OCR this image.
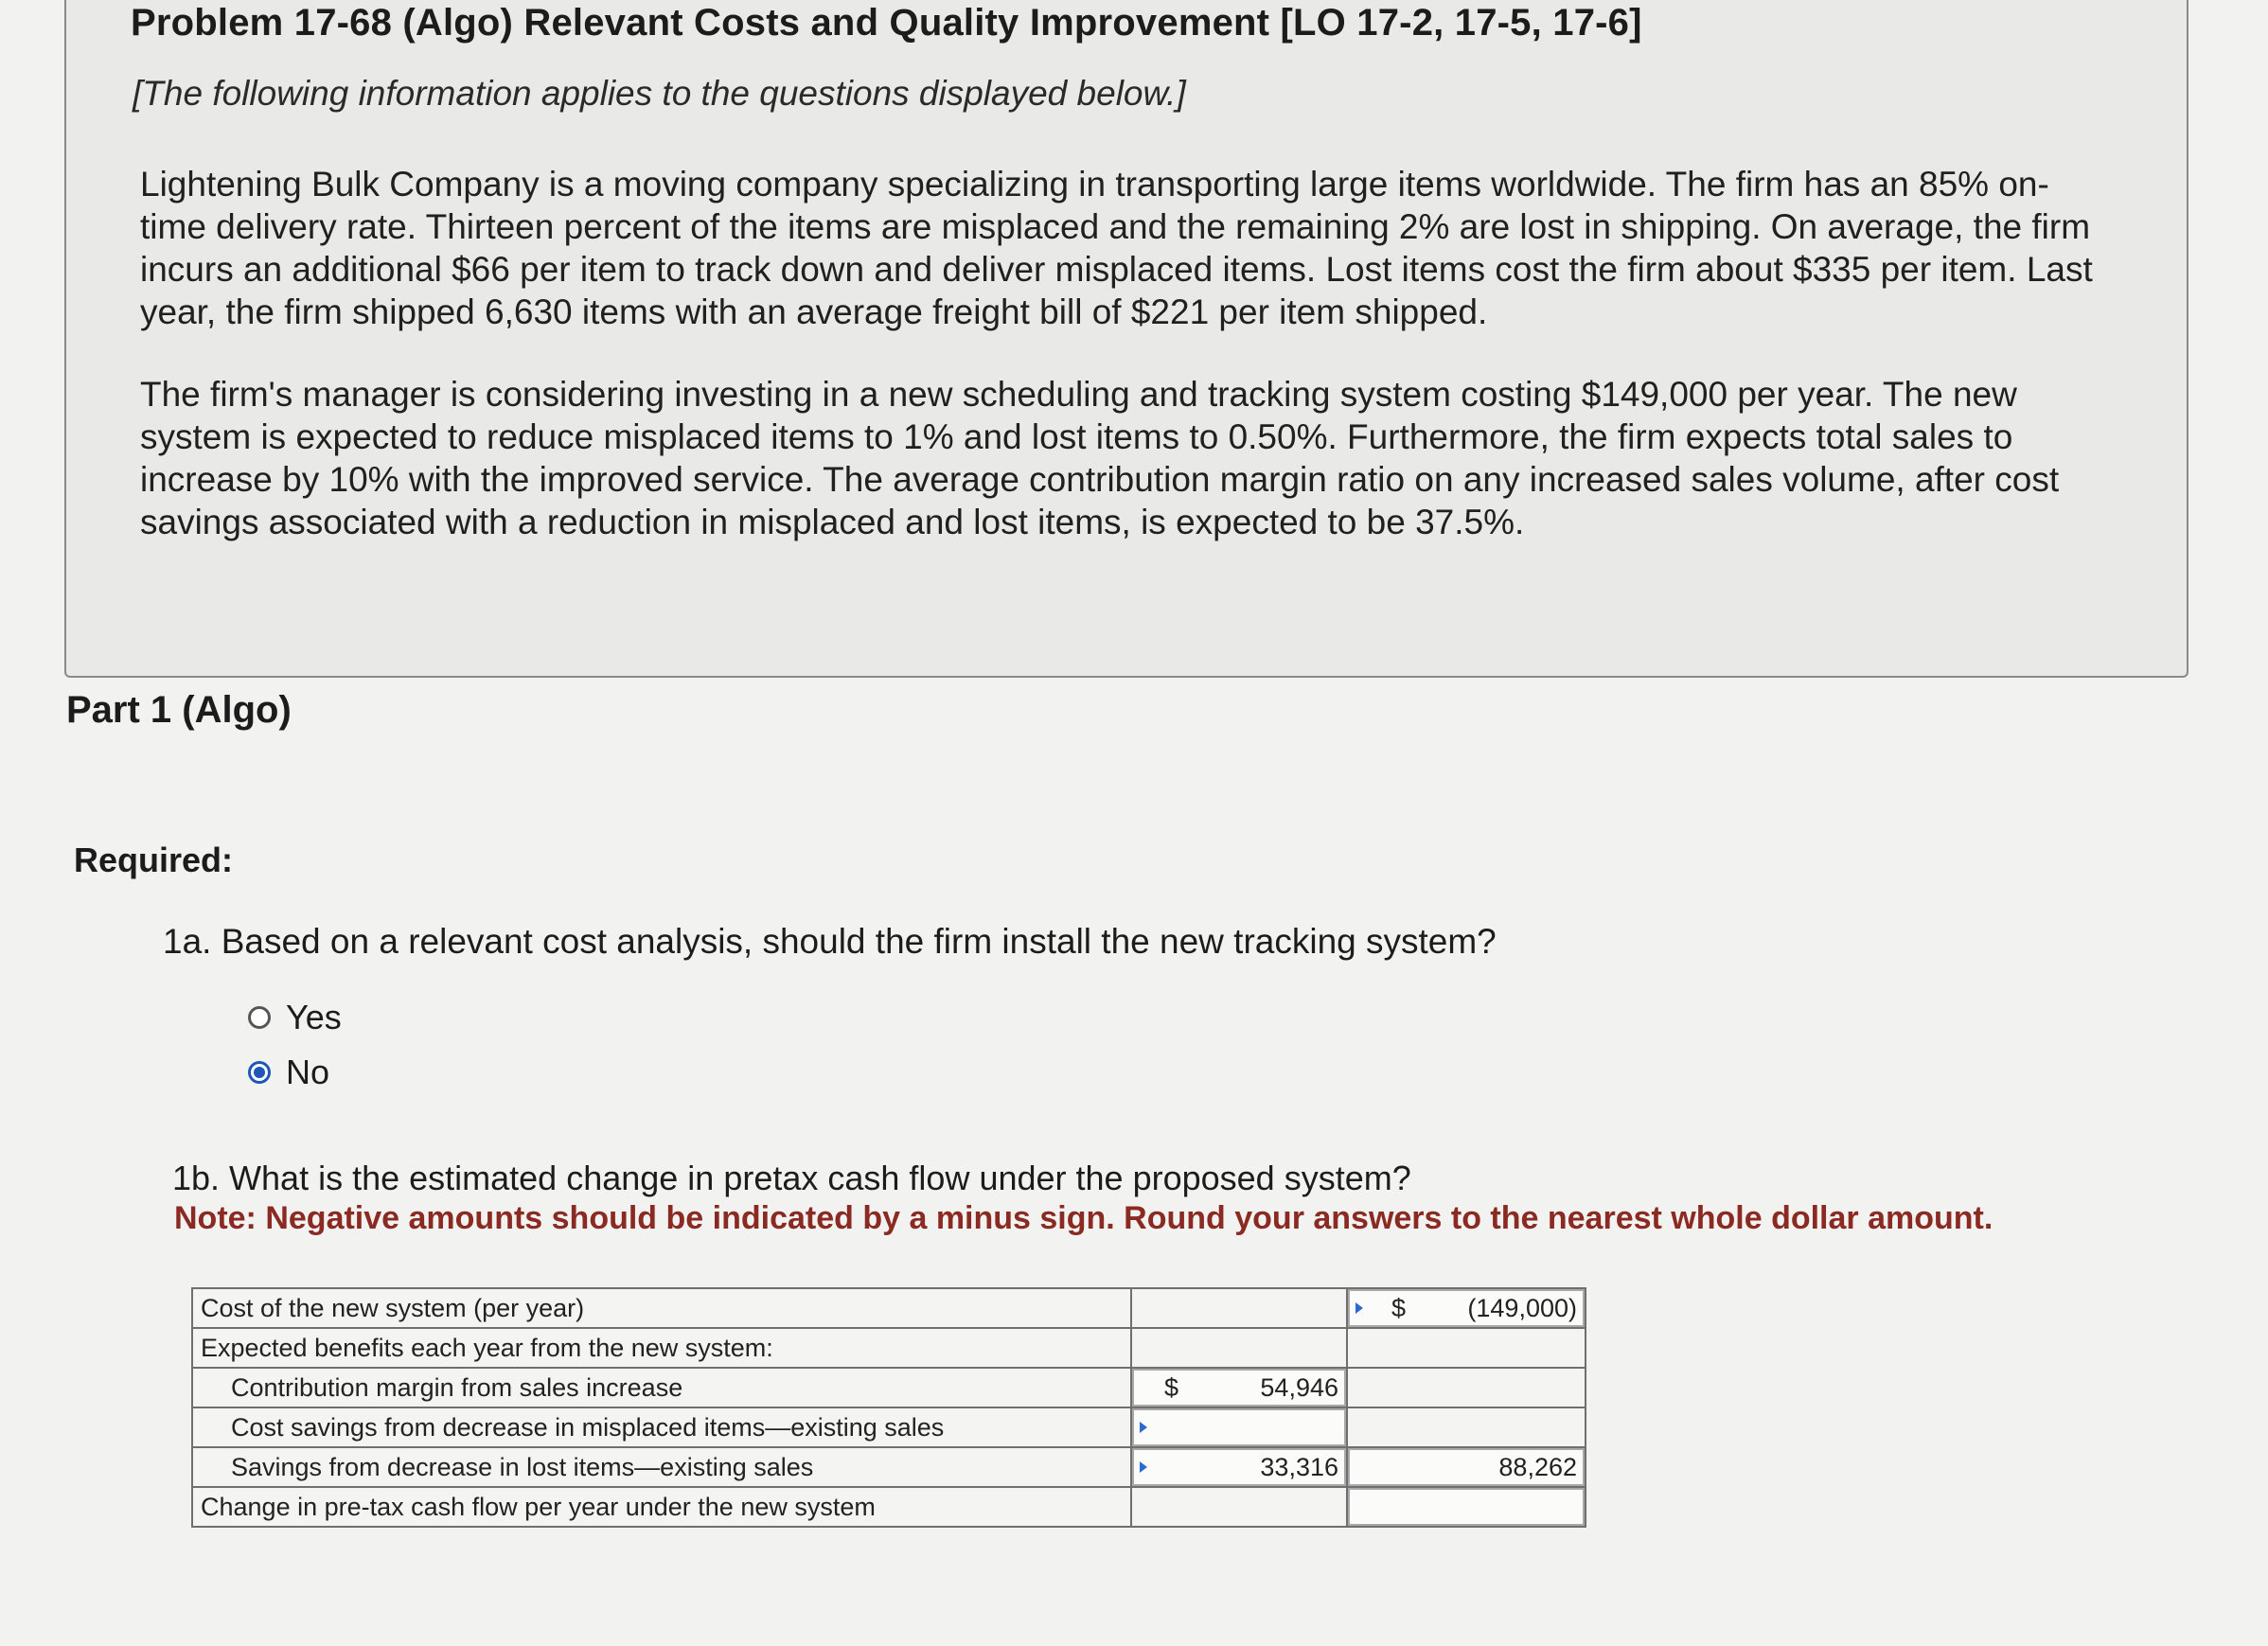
Problem 17-68 (Algo) Relevant Costs and Quality Improvement [LO 17-2, 17-5, 17-6]

[The following information applies to the questions displayed below.]

Lightening Bulk Company is a moving company specializing in transporting large items worldwide. The firm has an 85% on-time delivery rate. Thirteen percent of the items are misplaced and the remaining 2% are lost in shipping. On average, the firm incurs an additional $66 per item to track down and deliver misplaced items. Lost items cost the firm about $335 per item. Last year, the firm shipped 6,630 items with an average freight bill of $221 per item shipped.

The firm's manager is considering investing in a new scheduling and tracking system costing $149,000 per year. The new system is expected to reduce misplaced items to 1% and lost items to 0.50%. Furthermore, the firm expects total sales to increase by 10% with the improved service. The average contribution margin ratio on any increased sales volume, after cost savings associated with a reduction in misplaced and lost items, is expected to be 37.5%.

Part 1 (Algo)

Required:

1a. Based on a relevant cost analysis, should the firm install the new tracking system?

Yes
No

1b. What is the estimated change in pretax cash flow under the proposed system?

Note: Negative amounts should be indicated by a minus sign. Round your answers to the nearest whole dollar amount.

Cost of the new system (per year)		$ (149,000)

Expected benefits each year from the new system:		
Contribution margin from sales increase	$ 54,946	

Cost savings from decrease in misplaced items—existing sales	

Savings from decrease in lost items—existing sales	33,316	88,262

Change in pre-tax cash flow per year under the new system		
